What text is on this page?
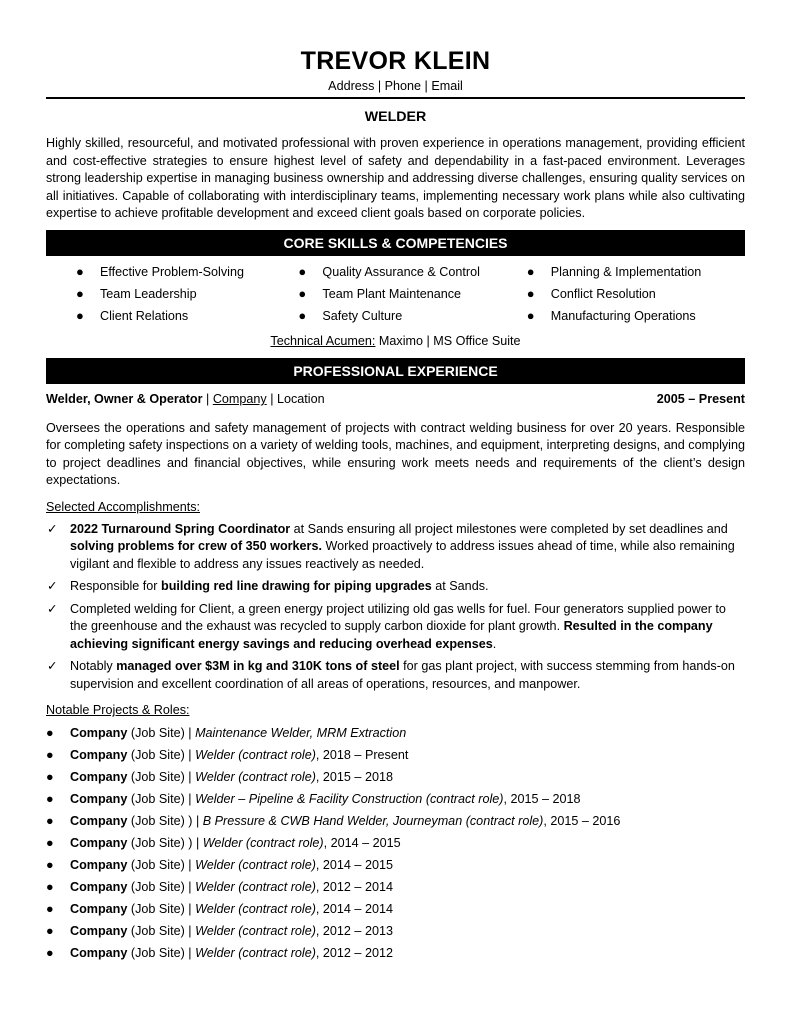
TREVOR KLEIN
Address | Phone | Email
WELDER
Highly skilled, resourceful, and motivated professional with proven experience in operations management, providing efficient and cost-effective strategies to ensure highest level of safety and dependability in a fast-paced environment. Leverages strong leadership expertise in managing business ownership and addressing diverse challenges, ensuring quality services on all initiatives. Capable of collaborating with interdisciplinary teams, implementing necessary work plans while also cultivating expertise to achieve profitable development and exceed client goals based on corporate policies.
CORE SKILLS & COMPETENCIES
● Effective Problem-Solving
● Team Leadership
● Client Relations
● Quality Assurance & Control
● Team Plant Maintenance
● Safety Culture
● Planning & Implementation
● Conflict Resolution
● Manufacturing Operations
Technical Acumen: Maximo | MS Office Suite
PROFESSIONAL EXPERIENCE
Welder, Owner & Operator | Company | Location	2005 – Present
Oversees the operations and safety management of projects with contract welding business for over 20 years. Responsible for completing safety inspections on a variety of welding tools, machines, and equipment, interpreting designs, and complying to project deadlines and financial objectives, while ensuring work meets needs and requirements of the client’s design expectations.
Selected Accomplishments:
✓ 2022 Turnaround Spring Coordinator at Sands ensuring all project milestones were completed by set deadlines and solving problems for crew of 350 workers. Worked proactively to address issues ahead of time, while also remaining vigilant and flexible to address any issues reactively as needed.
✓ Responsible for building red line drawing for piping upgrades at Sands.
✓ Completed welding for Client, a green energy project utilizing old gas wells for fuel. Four generators supplied power to the greenhouse and the exhaust was recycled to supply carbon dioxide for plant growth. Resulted in the company achieving significant energy savings and reducing overhead expenses.
✓ Notably managed over $3M in kg and 310K tons of steel for gas plant project, with success stemming from hands-on supervision and excellent coordination of all areas of operations, resources, and manpower.
Notable Projects & Roles:
● Company (Job Site) | Maintenance Welder, MRM Extraction
● Company (Job Site) | Welder (contract role), 2018 – Present
● Company (Job Site) | Welder (contract role), 2015 – 2018
● Company (Job Site) | Welder – Pipeline & Facility Construction (contract role), 2015 – 2018
● Company (Job Site) ) | B Pressure & CWB Hand Welder, Journeyman (contract role), 2015 – 2016
● Company (Job Site) ) | Welder (contract role), 2014 – 2015
● Company (Job Site) | Welder (contract role), 2014 – 2015
● Company (Job Site) | Welder (contract role), 2012 – 2014
● Company (Job Site) | Welder (contract role), 2014 – 2014
● Company (Job Site) | Welder (contract role), 2012 – 2013
● Company (Job Site) | Welder (contract role), 2012 – 2012
